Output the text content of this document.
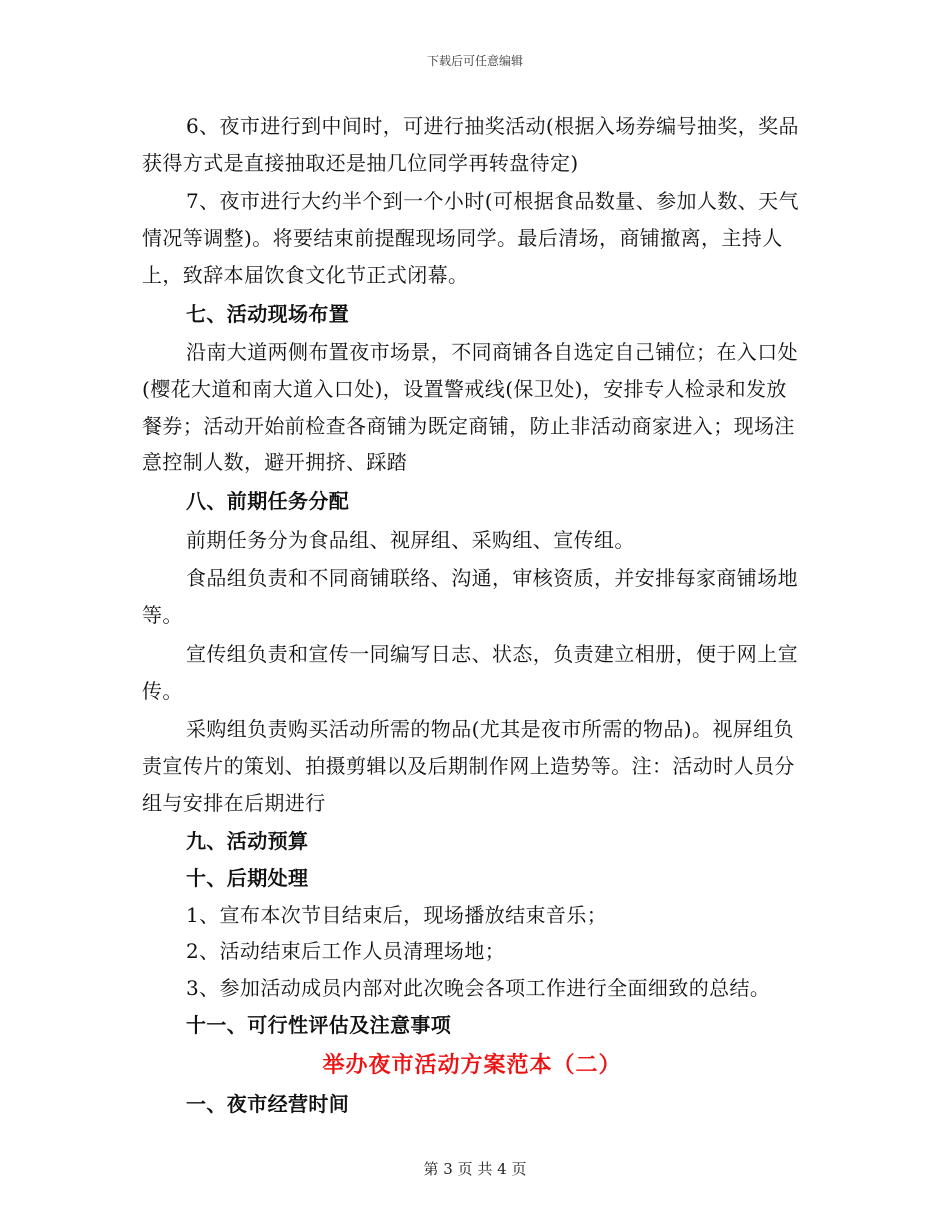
下载后可任意编辑

6、夜市进行到中间时，可进行抽奖活动(根据入场券编号抽奖，奖品获得方式是直接抽取还是抽几位同学再转盘待定)

7、夜市进行大约半个到一个小时(可根据食品数量、参加人数、天气情况等调整)。将要结束前提醒现场同学。最后清场，商铺撤离，主持人上，致辞本届饮食文化节正式闭幕。

七、活动现场布置

沿南大道两侧布置夜市场景，不同商铺各自选定自己铺位；在入口处(樱花大道和南大道入口处)，设置警戒线(保卫处)，安排专人检录和发放餐券；活动开始前检查各商铺为既定商铺，防止非活动商家进入；现场注意控制人数，避开拥挤、踩踏

八、前期任务分配

前期任务分为食品组、视屏组、采购组、宣传组。

食品组负责和不同商铺联络、沟通，审核资质，并安排每家商铺场地等。

宣传组负责和宣传一同编写日志、状态，负责建立相册，便于网上宣传。

采购组负责购买活动所需的物品(尤其是夜市所需的物品)。视屏组负责宣传片的策划、拍摄剪辑以及后期制作网上造势等。注：活动时人员分组与安排在后期进行

九、活动预算

十、后期处理

1、宣布本次节目结束后，现场播放结束音乐；

2、活动结束后工作人员清理场地；

3、参加活动成员内部对此次晚会各项工作进行全面细致的总结。

十一、可行性评估及注意事项

举办夜市活动方案范本（二）

一、夜市经营时间

第 3 页 共 4 页
